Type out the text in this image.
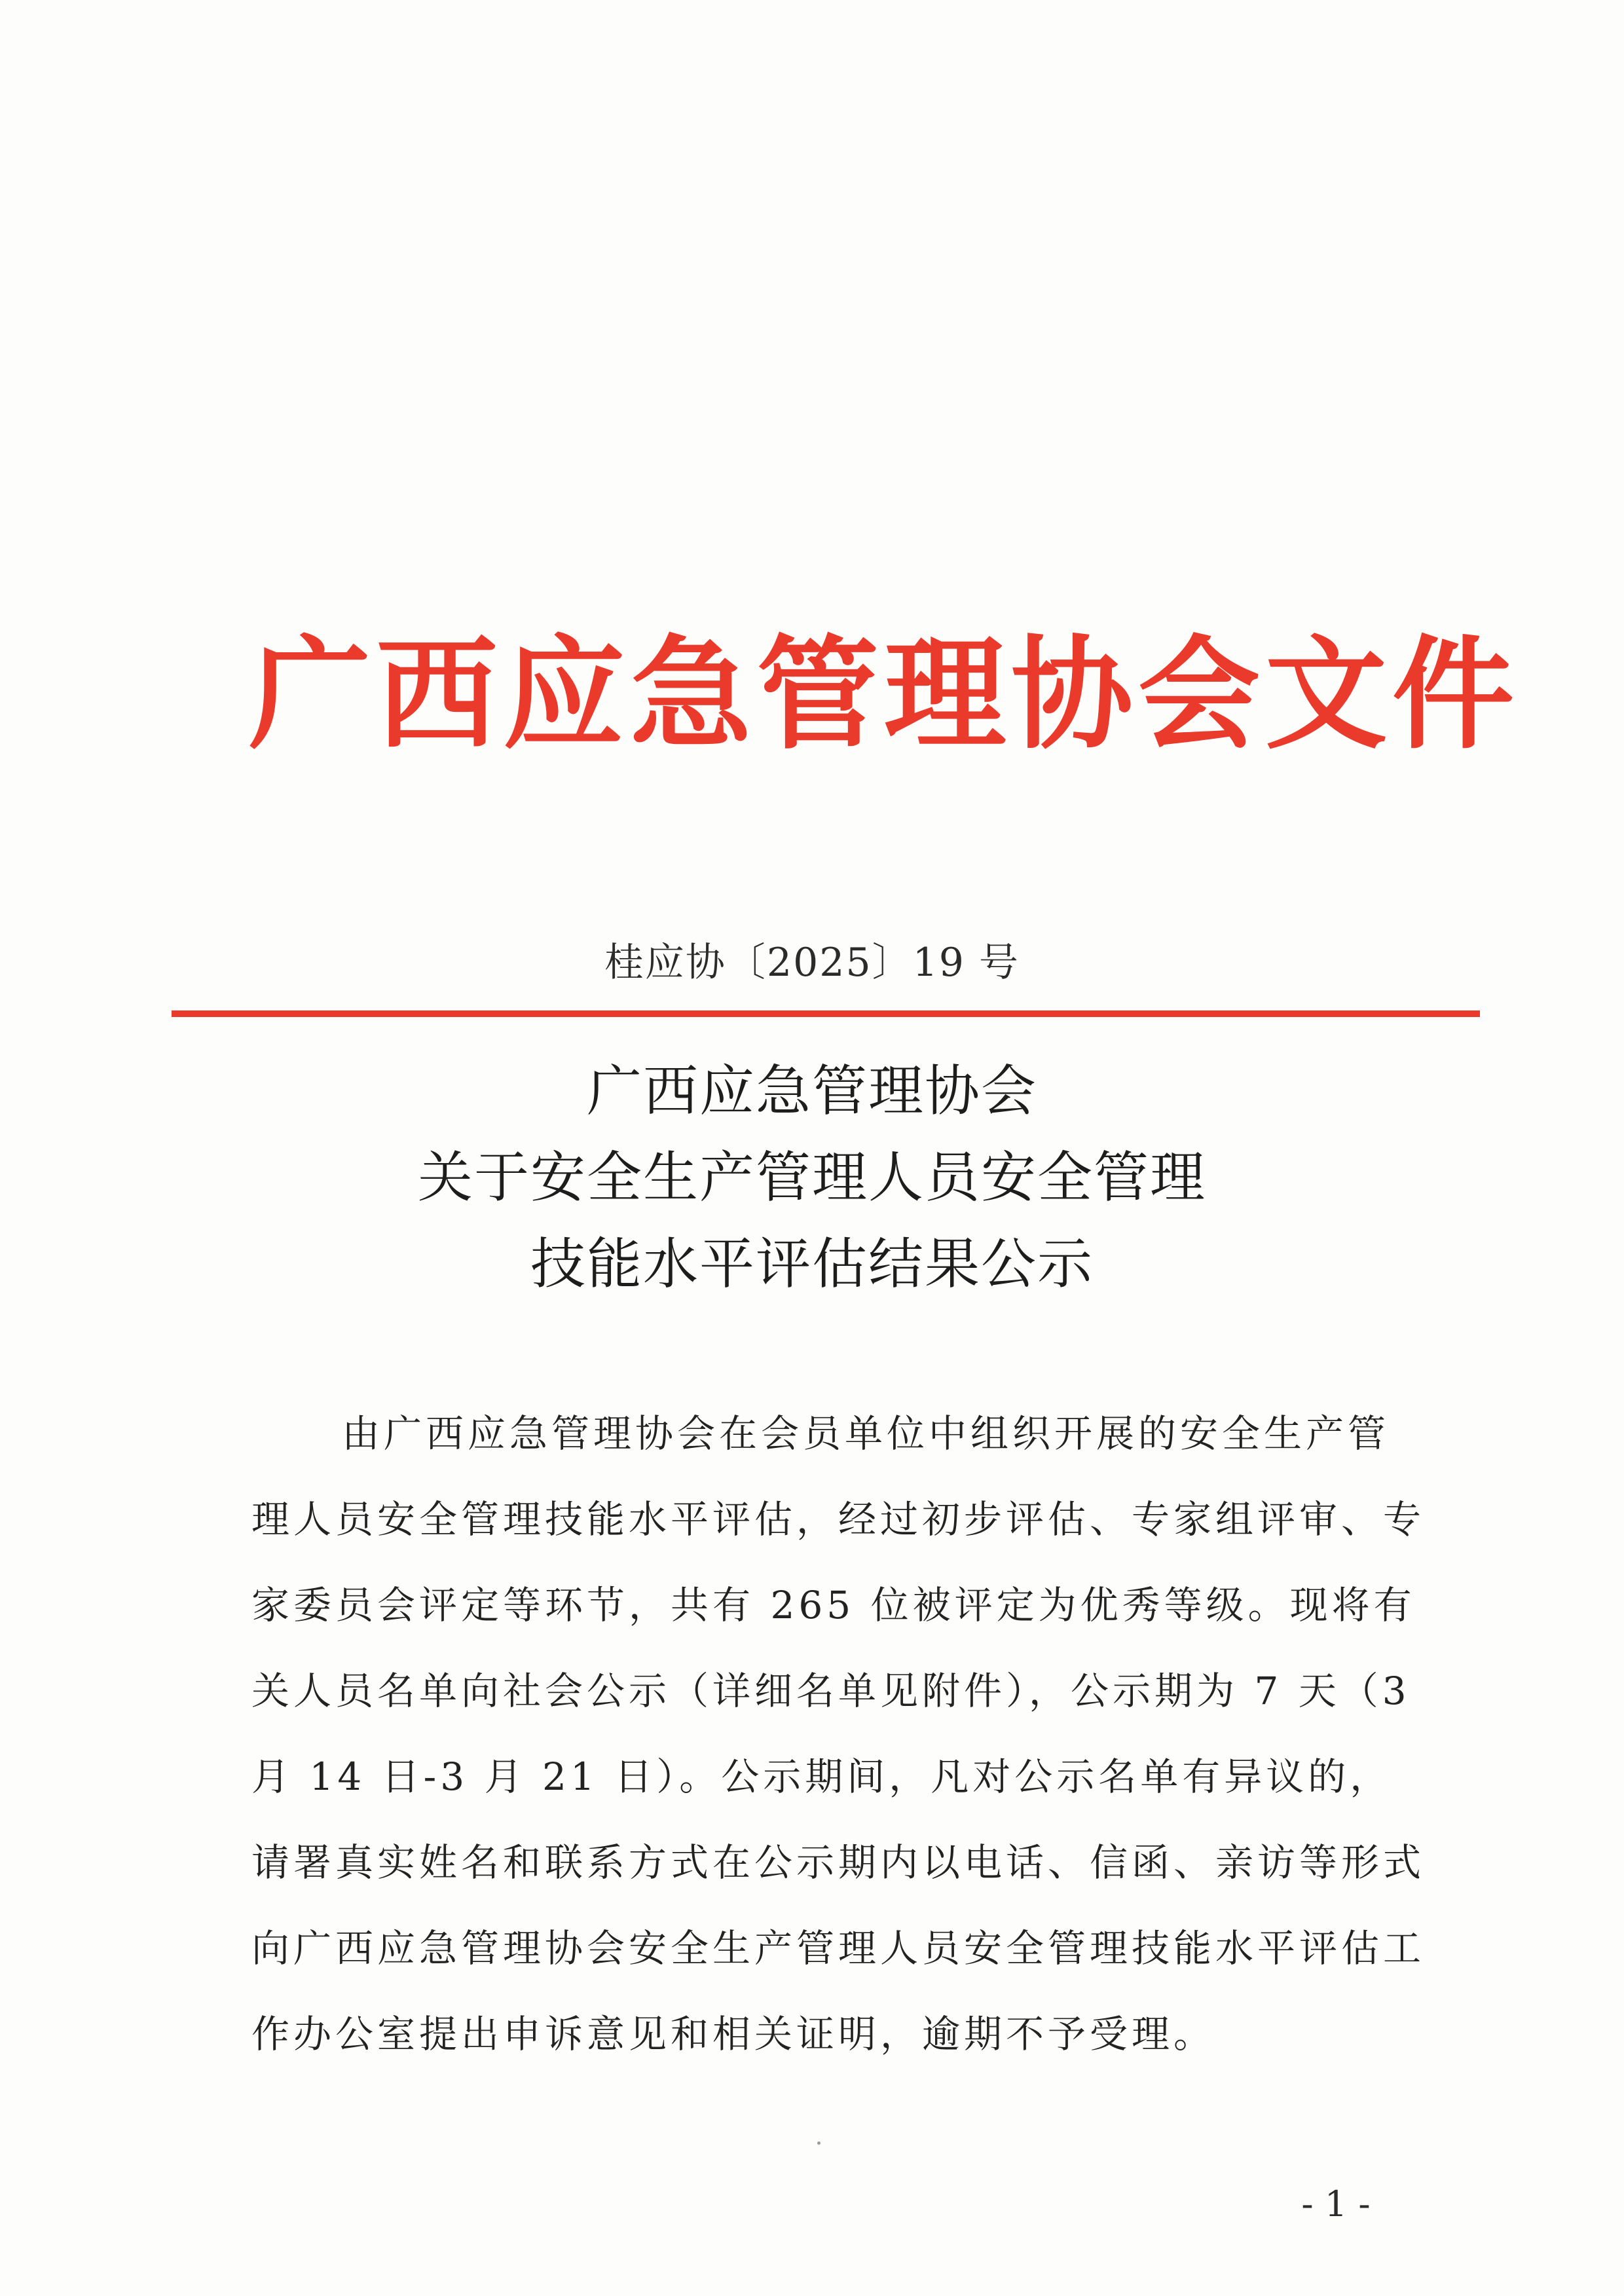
广西应急管理协会文件
桂应协〔2025〕19 号
广西应急管理协会
关于安全生产管理人员安全管理
技能水平评估结果公示

由广西应急管理协会在会员单位中组织开展的安全生产管理人员安全管理技能水平评估，经过初步评估、专家组评审、专家委员会评定等环节，共有 265 位被评定为优秀等级。现将有关人员名单向社会公示（详细名单见附件），公示期为 7 天（3 月 14 日-3 月 21 日）。公示期间，凡对公示名单有异议的，请署真实姓名和联系方式在公示期内以电话、信函、亲访等形式向广西应急管理协会安全生产管理人员安全管理技能水平评估工作办公室提出申诉意见和相关证明，逾期不予受理。

- 1 -
